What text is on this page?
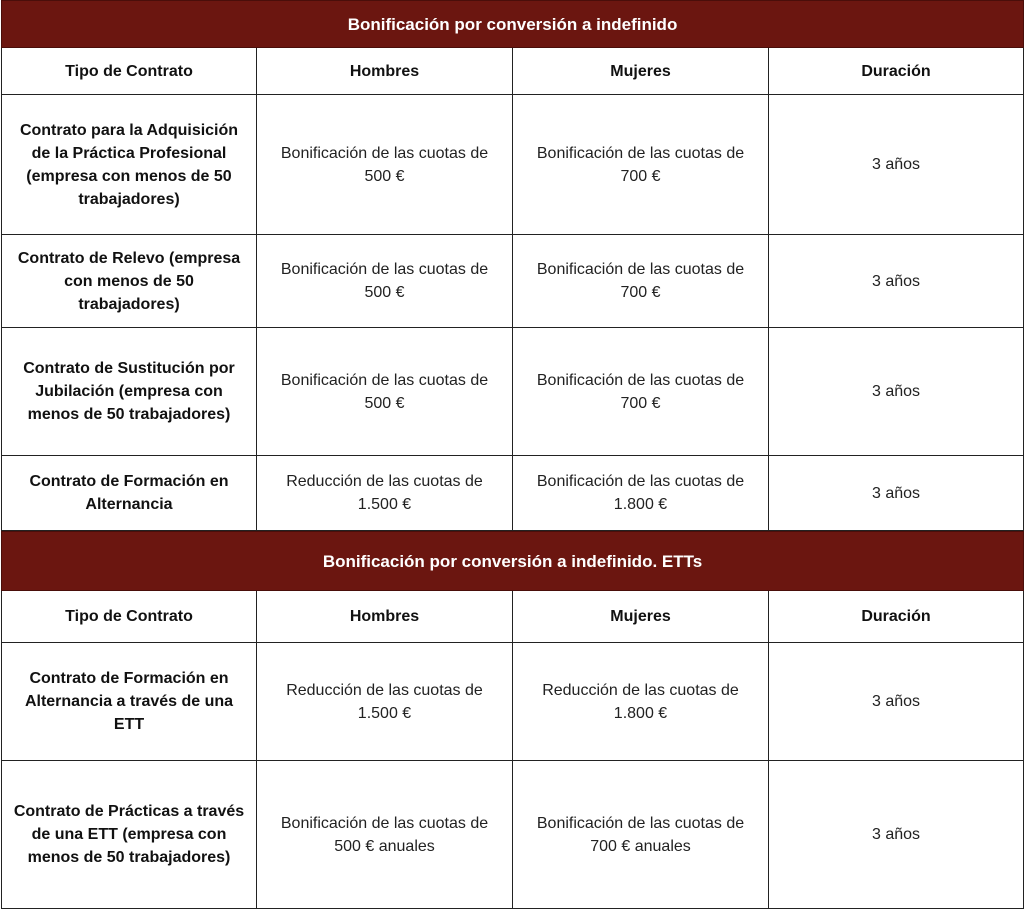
Bonificación por conversión a indefinido			
Tipo de Contrato	Hombres	Mujeres	Duración
Contrato para la Adquisición de la Práctica Profesional (empresa con menos de 50 trabajadores)	Bonificación de las cuotas de 500 €	Bonificación de las cuotas de 700 €	3 años
Contrato de Relevo (empresa con menos de 50 trabajadores)	Bonificación de las cuotas de 500 €	Bonificación de las cuotas de 700 €	3 años
Contrato de Sustitución por Jubilación (empresa con menos de 50 trabajadores)	Bonificación de las cuotas de 500 €	Bonificación de las cuotas de 700 €	3 años
Contrato de Formación en Alternancia	Reducción de las cuotas de 1.500 €	Bonificación de las cuotas de 1.800 €	3 años
Bonificación por conversión a indefinido. ETTs			
Tipo de Contrato	Hombres	Mujeres	Duración
Contrato de Formación en Alternancia a través de una ETT	Reducción de las cuotas de 1.500 €	Reducción de las cuotas de 1.800 €	3 años
Contrato de Prácticas a través de una ETT (empresa con menos de 50 trabajadores)	Bonificación de las cuotas de 500 € anuales	Bonificación de las cuotas de 700 € anuales	3 años
